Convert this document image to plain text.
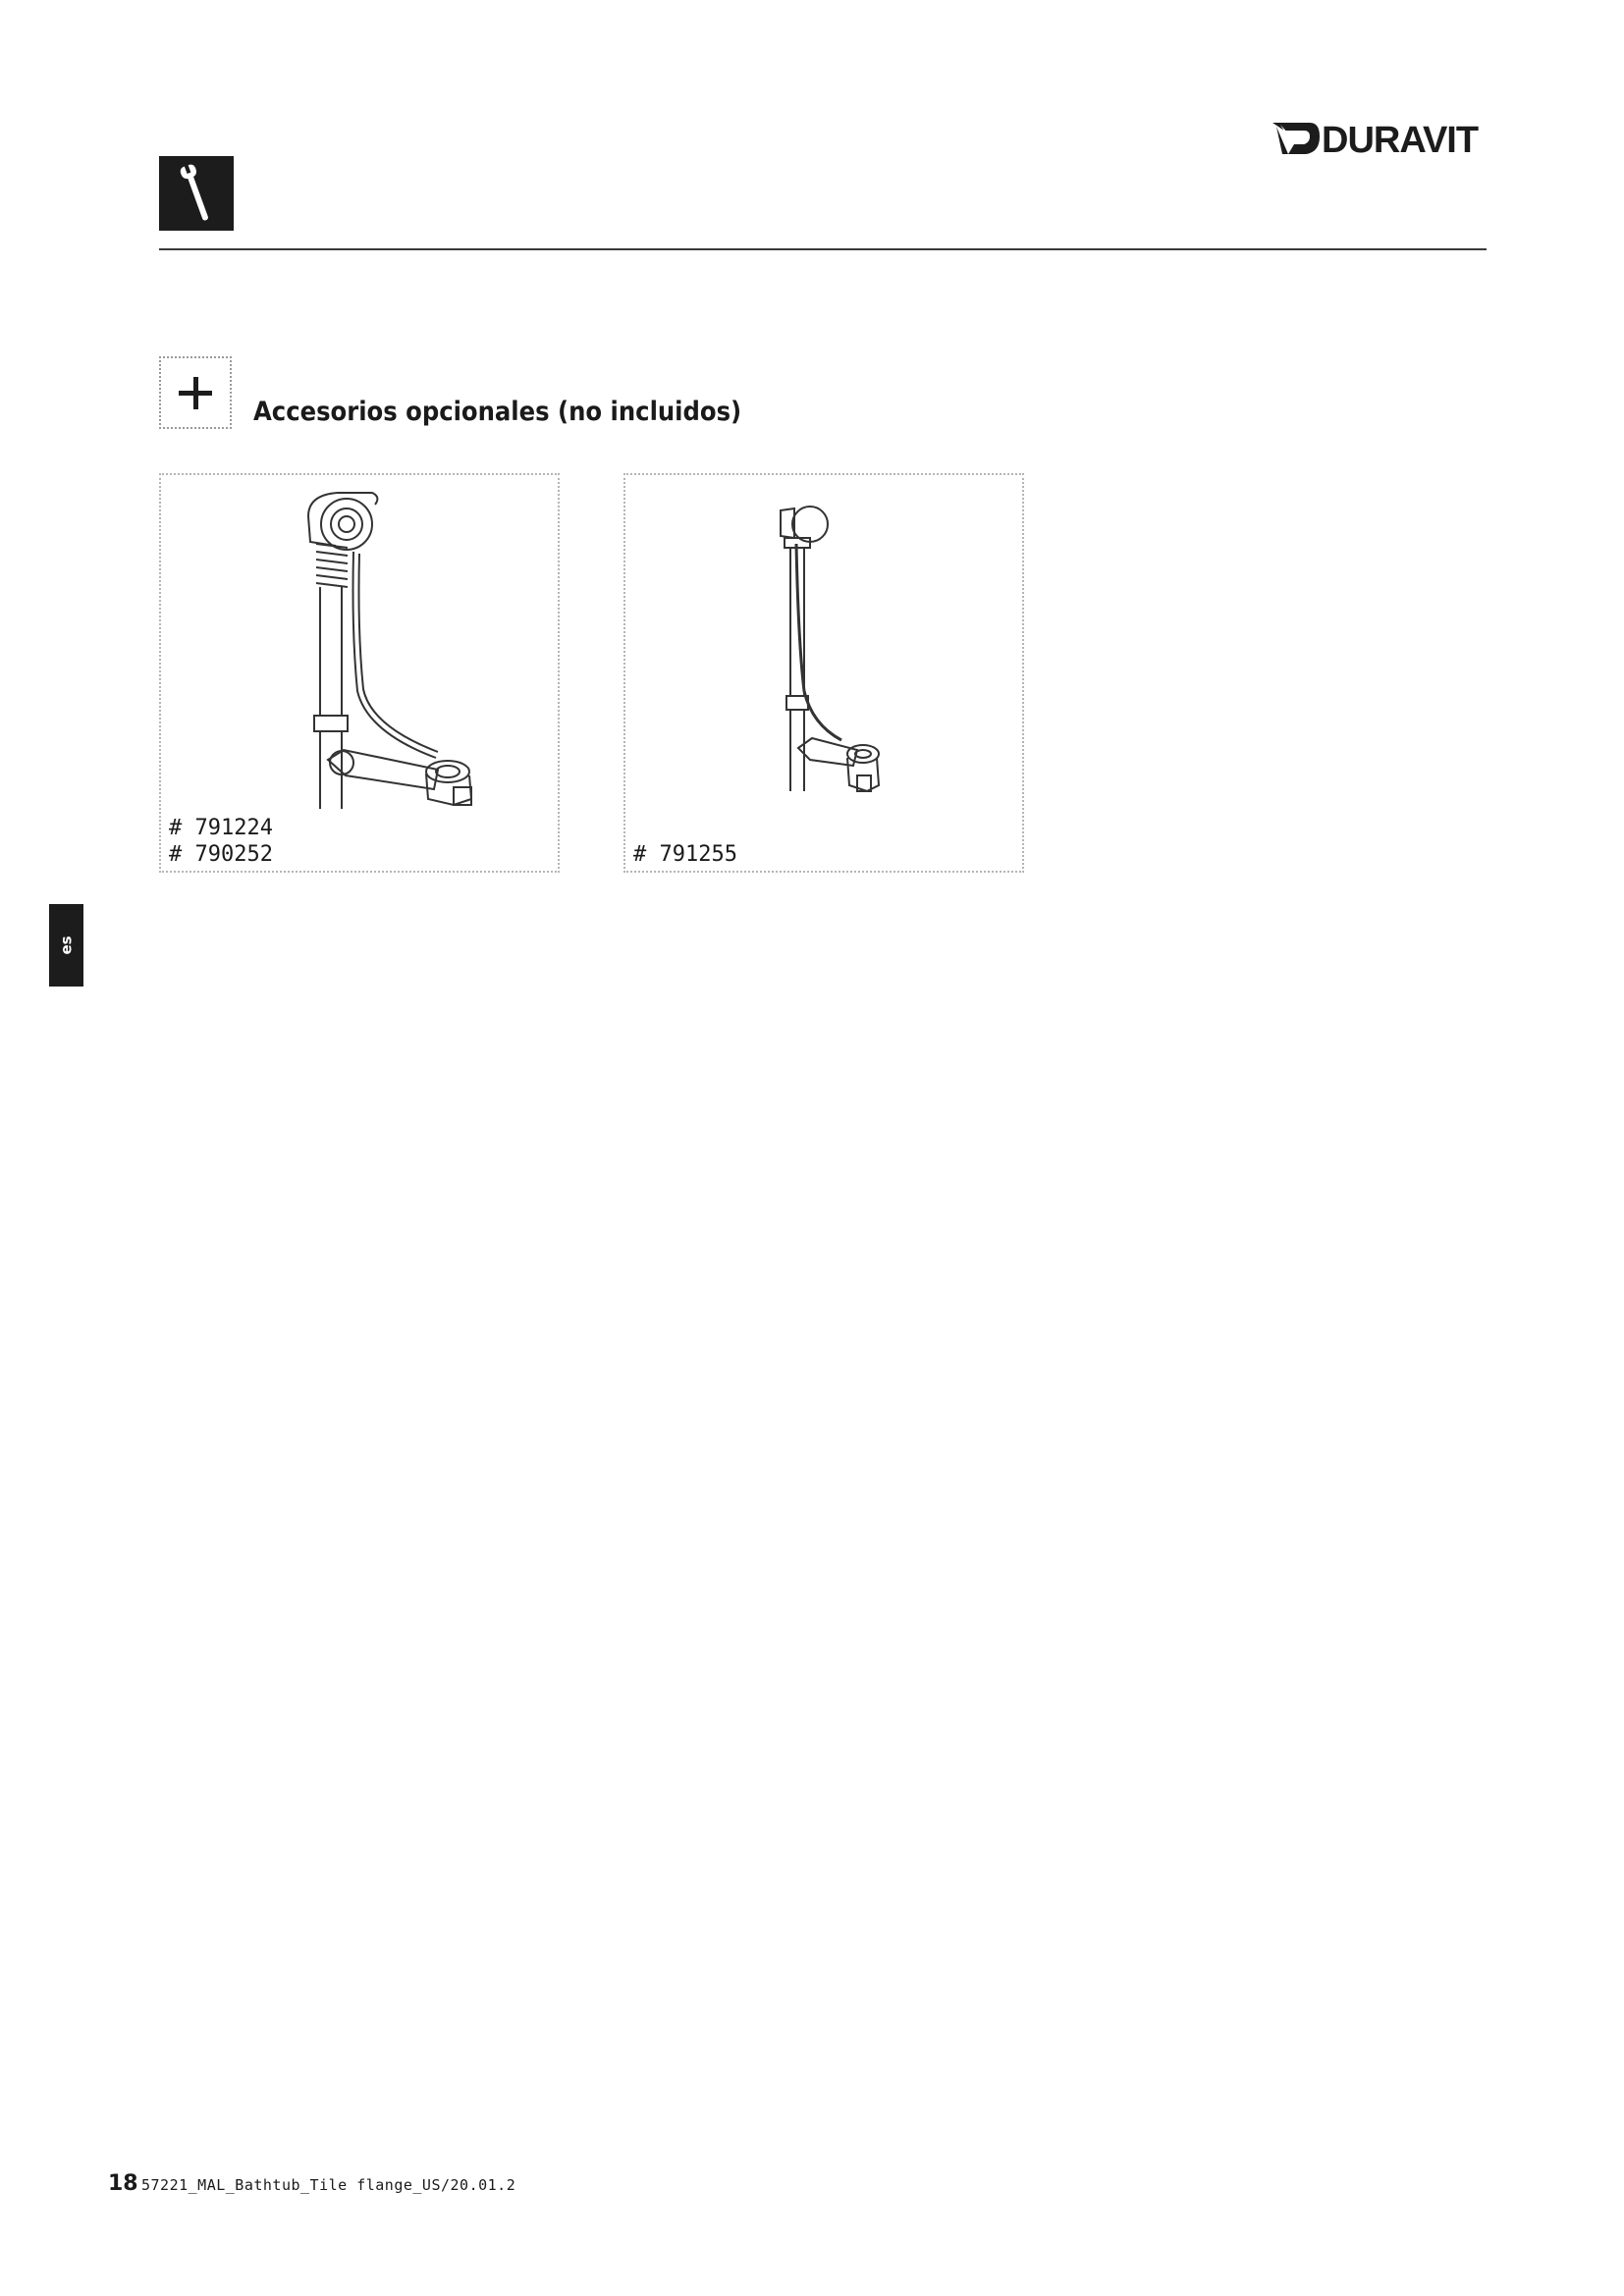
DURAVIT
Accesorios opcionales (no incluidos)
# 791224
# 790252	# 791255
es
18 57221_MAL_Bathtub_Tile flange_US/20.01.2
